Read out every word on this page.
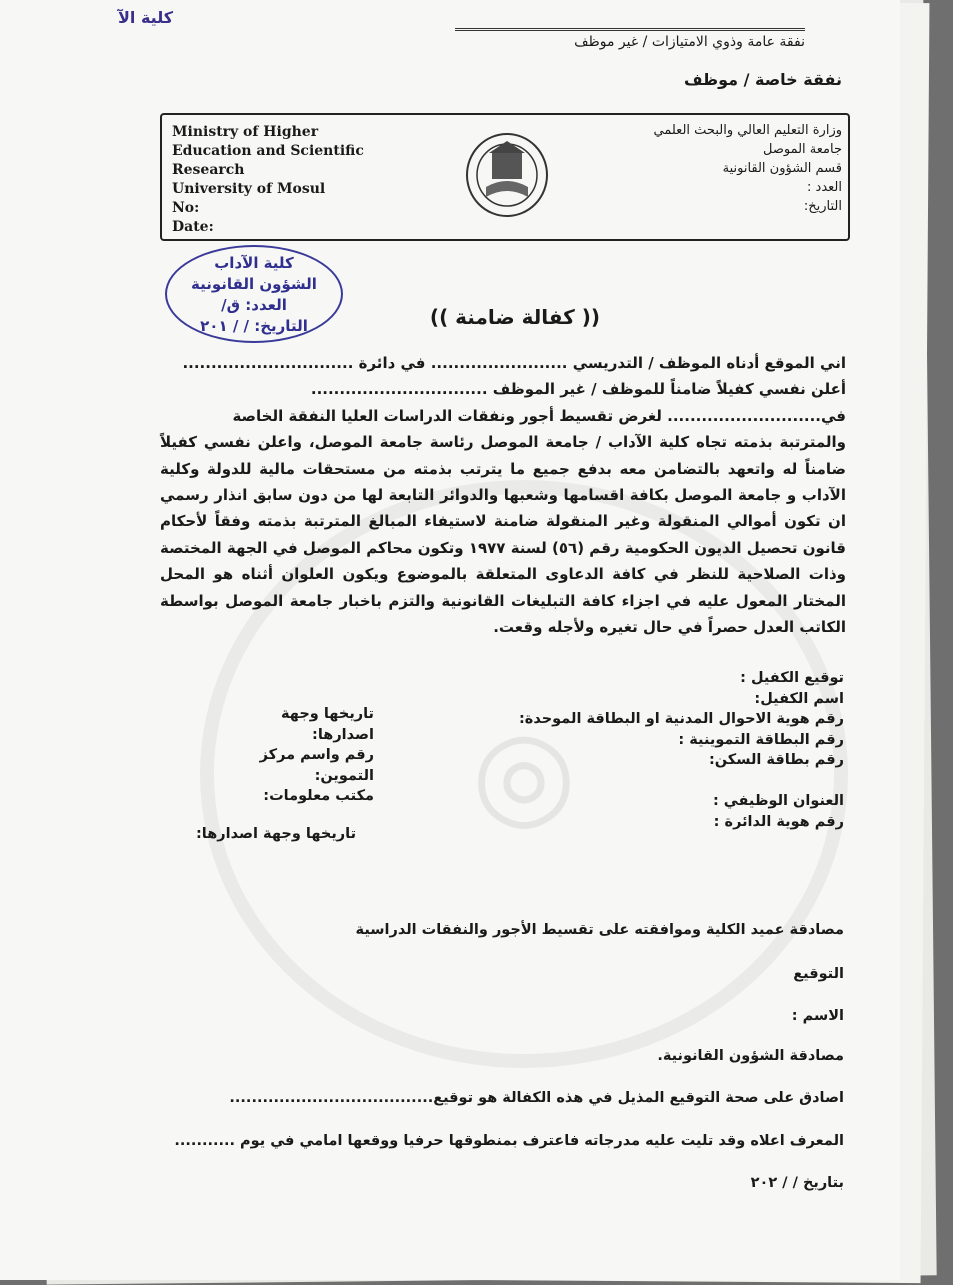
◎
كلية الآ
نفقة عامة وذوي الامتيازات / غير موظف
نفقة خاصة / موظف
Ministry of Higher
Education and Scientific
Research
University of Mosul
No:
Date:
وزارة التعليم العالي والبحث العلمي
جامعة الموصل
قسم الشؤون القانونية
العدد :
التاريخ:
كلية الآداب
الشؤون القانونية
العدد: ق/
التاريخ: / / ٢٠١	(( كفالة ضامنة ))

اني الموقع أدناه الموظف / التدريسي ........................ في دائرة ..............................

أعلن نفسي كفيلاً ضامناً للموظف / غير الموظف ...............................

في........................... لغرض تقسيط أجور ونفقات الدراسات العليا النفقة الخاصة

والمترتبة بذمته تجاه كلية الآداب / جامعة الموصل رئاسة جامعة الموصل، واعلن نفسي كفيلاً ضامناً له واتعهد بالتضامن معه بدفع جميع ما يترتب بذمته من مستحقات مالية للدولة وكلية الآداب و جامعة الموصل بكافة اقسامها وشعبها والدوائر التابعة لها من دون سابق انذار رسمي ان تكون أموالي المنقولة وغير المنقولة ضامنة لاستيفاء المبالغ المترتبة بذمته وفقاً لأحكام قانون تحصيل الديون الحكومية رقم (٥٦) لسنة ١٩٧٧ وتكون محاكم الموصل في الجهة المختصة وذات الصلاحية للنظر في كافة الدعاوى المتعلقة بالموضوع ويكون العلوان أثناه هو المحل المختار المعول عليه في اجزاء كافة التبليغات القانونية والتزم باخبار جامعة الموصل بواسطة الكاتب العدل حصراً في حال تغيره ولأجله وقعت.

توقيع الكفيل :
اسم الكفيل:
رقم هوية الاحوال المدنية او البطاقة الموحدة:
رقم البطاقة التموينية :
رقم بطاقة السكن:

العنوان الوظيفي :
رقم هوية الدائرة :
تاريخها وجهة اصدارها:
رقم واسم مركز التموين:
مكتب معلومات:
تاريخها وجهة اصدارها:
مصادقة عميد الكلية وموافقته على تقسيط الأجور والنفقات الدراسية
التوقيع
الاسم :
مصادقة الشؤون القانونية.
اصادق على صحة التوقيع المذيل في هذه الكفالة هو توقيع.....................................
المعرف اعلاه وقد تليت عليه مدرجاته فاعترف بمنطوقها حرفيا ووقعها امامي في يوم ...........
بتاريخ / / ٢٠٢
